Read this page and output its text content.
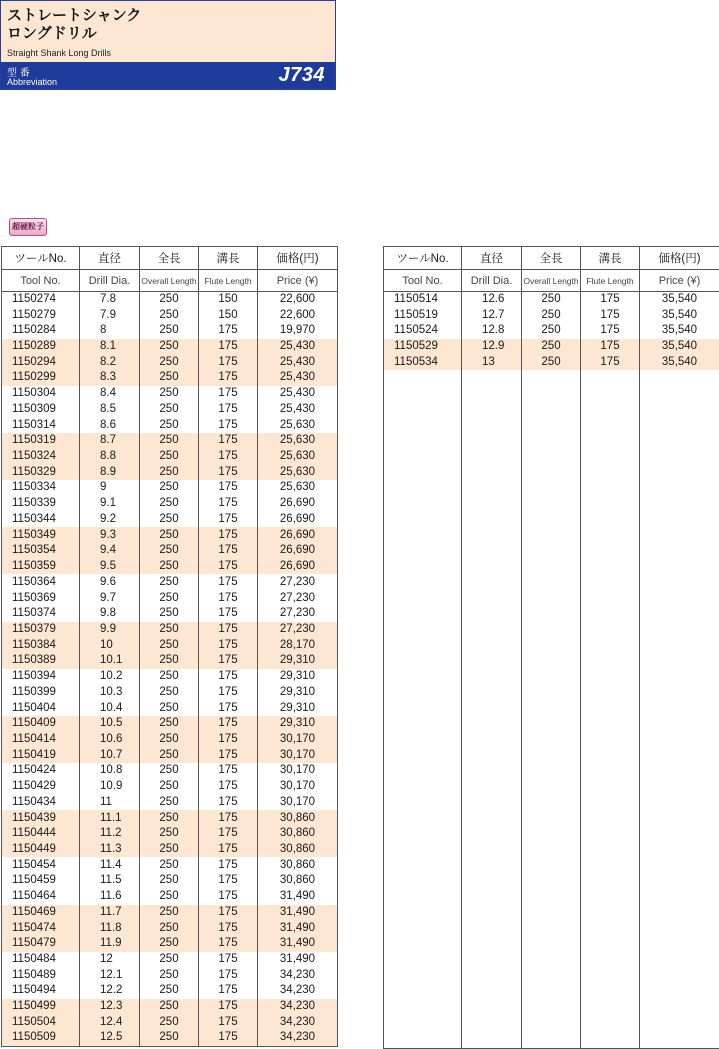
ストレートシャンク
ロングドリル
Straight Shank Long Drills
型 番
Abbreviation	J734
超硬粒子
ツールNo.	直径	全長	溝長	価格(円)
Tool No.	Drill Dia.	Overall Length	Flute Length	Price (¥)
1150274	7.8	250	150	22,600
1150279	7.9	250	150	22,600
1150284	8	250	175	19,970
1150289	8.1	250	175	25,430
1150294	8.2	250	175	25,430
1150299	8.3	250	175	25,430
1150304	8.4	250	175	25,430
1150309	8.5	250	175	25,430
1150314	8.6	250	175	25,630
1150319	8.7	250	175	25,630
1150324	8.8	250	175	25,630
1150329	8.9	250	175	25,630
1150334	9	250	175	25,630
1150339	9.1	250	175	26,690
1150344	9.2	250	175	26,690
1150349	9.3	250	175	26,690
1150354	9.4	250	175	26,690
1150359	9.5	250	175	26,690
1150364	9.6	250	175	27,230
1150369	9.7	250	175	27,230
1150374	9.8	250	175	27,230
1150379	9.9	250	175	27,230
1150384	10	250	175	28,170
1150389	10.1	250	175	29,310
1150394	10.2	250	175	29,310
1150399	10.3	250	175	29,310
1150404	10.4	250	175	29,310
1150409	10.5	250	175	29,310
1150414	10.6	250	175	30,170
1150419	10.7	250	175	30,170
1150424	10.8	250	175	30,170
1150429	10.9	250	175	30,170
1150434	11	250	175	30,170
1150439	11.1	250	175	30,860
1150444	11.2	250	175	30,860
1150449	11.3	250	175	30,860
1150454	11.4	250	175	30,860
1150459	11.5	250	175	30,860
1150464	11.6	250	175	31,490
1150469	11.7	250	175	31,490
1150474	11.8	250	175	31,490
1150479	11.9	250	175	31,490
1150484	12	250	175	31,490
1150489	12.1	250	175	34,230
1150494	12.2	250	175	34,230
1150499	12.3	250	175	34,230
1150504	12.4	250	175	34,230
1150509	12.5	250	175	34,230
ツールNo.	直径	全長	溝長	価格(円)
Tool No.	Drill Dia.	Overall Length	Flute Length	Price (¥)
1150514	12.6	250	175	35,540
1150519	12.7	250	175	35,540
1150524	12.8	250	175	35,540
1150529	12.9	250	175	35,540
1150534	13	250	175	35,540
